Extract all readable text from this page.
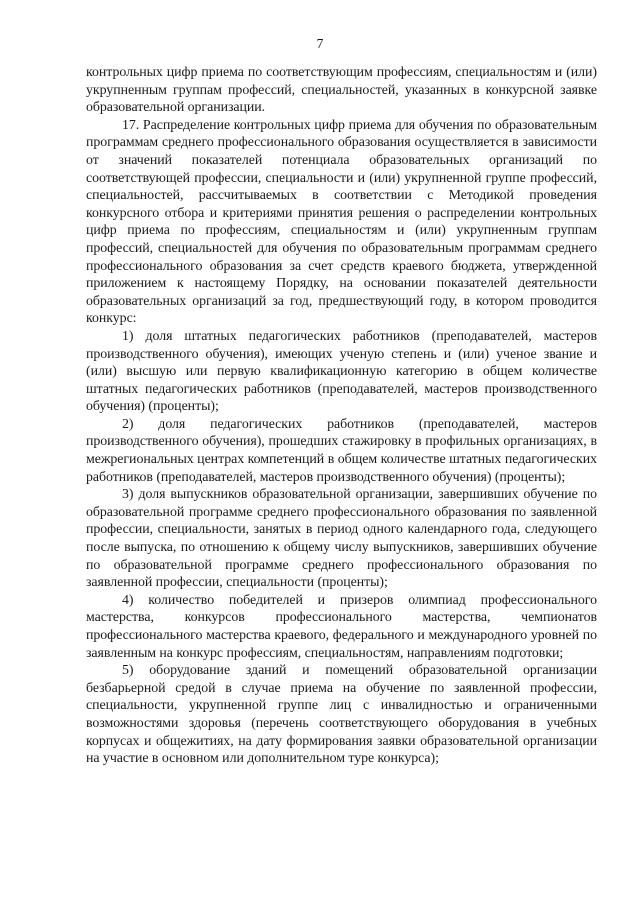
7

контрольных цифр приема по соответствующим профессиям, специальностям и (или) укрупненным группам профессий, специальностей, указанных в конкурсной заявке образовательной организации.

17. Распределение контрольных цифр приема для обучения по образовательным программам среднего профессионального образования осуществляется в зависимости от значений показателей потенциала образовательных организаций по соответствующей профессии, специальности и (или) укрупненной группе профессий, специальностей, рассчитываемых в соответствии с Методикой проведения конкурсного отбора и критериями принятия решения о распределении контрольных цифр приема по профессиям, специальностям и (или) укрупненным группам профессий, специальностей для обучения по образовательным программам среднего профессионального образования за счет средств краевого бюджета, утвержденной приложением к настоящему Порядку, на основании показателей деятельности образовательных организаций за год, предшествующий году, в котором проводится конкурс:

1) доля штатных педагогических работников (преподавателей, мастеров производственного обучения), имеющих ученую степень и (или) ученое звание и (или) высшую или первую квалификационную категорию в общем количестве штатных педагогических работников (преподавателей, мастеров производственного обучения) (проценты);

2) доля педагогических работников (преподавателей, мастеров производственного обучения), прошедших стажировку в профильных организациях, в межрегиональных центрах компетенций в общем количестве штатных педагогических работников (преподавателей, мастеров производственного обучения) (проценты);

3) доля выпускников образовательной организации, завершивших обучение по образовательной программе среднего профессионального образования по заявленной профессии, специальности, занятых в период одного календарного года, следующего после выпуска, по отношению к общему числу выпускников, завершивших обучение по образовательной программе среднего профессионального образования по заявленной профессии, специальности (проценты);

4) количество победителей и призеров олимпиад профессионального мастерства, конкурсов профессионального мастерства, чемпионатов профессионального мастерства краевого, федерального и международного уровней по заявленным на конкурс профессиям, специальностям, направлениям подготовки;

5) оборудование зданий и помещений образовательной организации безбарьерной средой в случае приема на обучение по заявленной профессии, специальности, укрупненной группе лиц с инвалидностью и ограниченными возможностями здоровья (перечень соответствующего оборудования в учебных корпусах и общежитиях, на дату формирования заявки образовательной организации на участие в основном или дополнительном туре конкурса);
